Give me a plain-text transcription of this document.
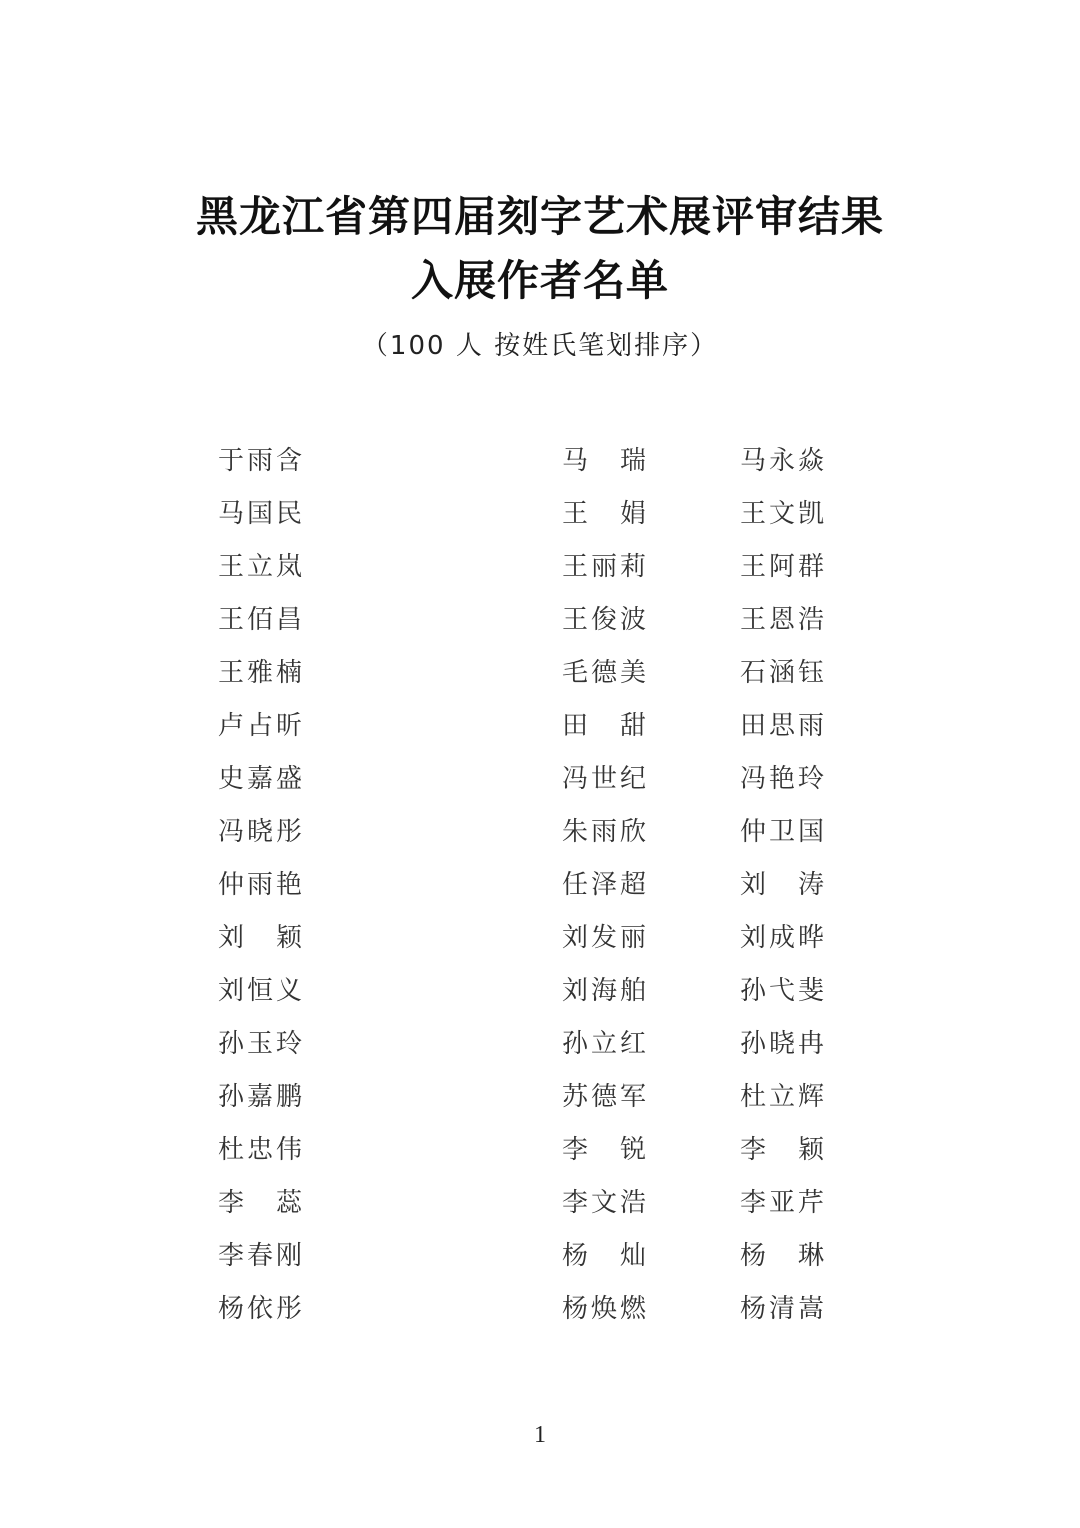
黑龙江省第四届刻字艺术展评审结果
入展作者名单
（100 人 按姓氏笔划排序）
于雨含	马　瑞	马永焱
马国民	王　娟	王文凯
王立岚	王丽莉	王阿群
王佰昌	王俊波	王恩浩
王雅楠	毛德美	石涵钰
卢占昕	田　甜	田思雨
史嘉盛	冯世纪	冯艳玲
冯晓彤	朱雨欣	仲卫国
仲雨艳	任泽超	刘　涛
刘　颖	刘发丽	刘成晔
刘恒义	刘海舶	孙弋斐
孙玉玲	孙立红	孙晓冉
孙嘉鹏	苏德军	杜立辉
杜忠伟	李　锐	李　颖
李　蕊	李文浩	李亚芹
李春刚	杨　灿	杨　琳
杨依彤	杨焕燃	杨清嵩
1
